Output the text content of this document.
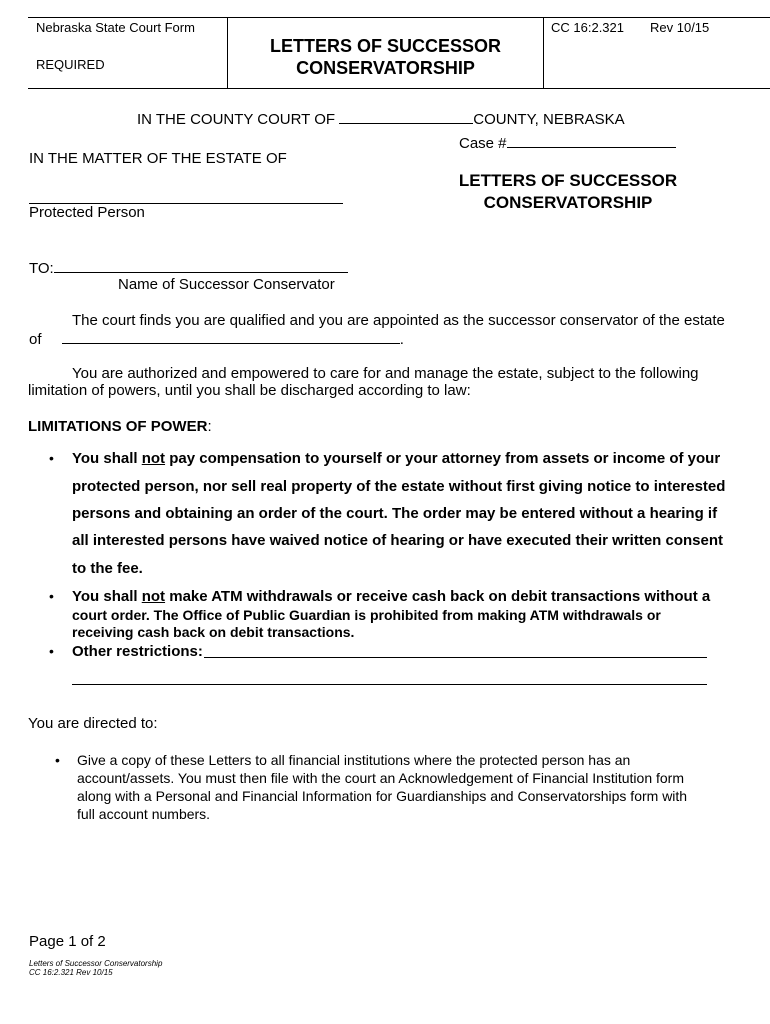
Nebraska State Court Form
REQUIRED
LETTERS OF SUCCESSOR
CONSERVATORSHIP
CC 16:2.321 Rev 10/15
IN THE COUNTY COURT OF	COUNTY, NEBRASKA
Case #
IN THE MATTER OF THE ESTATE OF
LETTERS OF SUCCESSOR
CONSERVATORSHIP
Protected Person
TO:
Name of Successor Conservator
The court finds you are qualified and you are appointed as the successor conservator of the estate
of	.
You are authorized and empowered to care for and manage the estate, subject to the following
limitation of powers, until you shall be discharged according to law:
LIMITATIONS OF POWER:
• You shall not pay compensation to yourself or your attorney from assets or income of your
protected person, nor sell real property of the estate without first giving notice to interested
persons and obtaining an order of the court. The order may be entered without a hearing if
all interested persons have waived notice of hearing or have executed their written consent
to the fee.
• You shall not make ATM withdrawals or receive cash back on debit transactions without a
court order. The Office of Public Guardian is prohibited from making ATM withdrawals or
receiving cash back on debit transactions.
• Other restrictions:
You are directed to:
• Give a copy of these Letters to all financial institutions where the protected person has an
account/assets. You must then file with the court an Acknowledgement of Financial Institution form
along with a Personal and Financial Information for Guardianships and Conservatorships form with
full account numbers.
Page 1 of 2
Letters of Successor Conservatorship
CC 16:2.321 Rev 10/15
